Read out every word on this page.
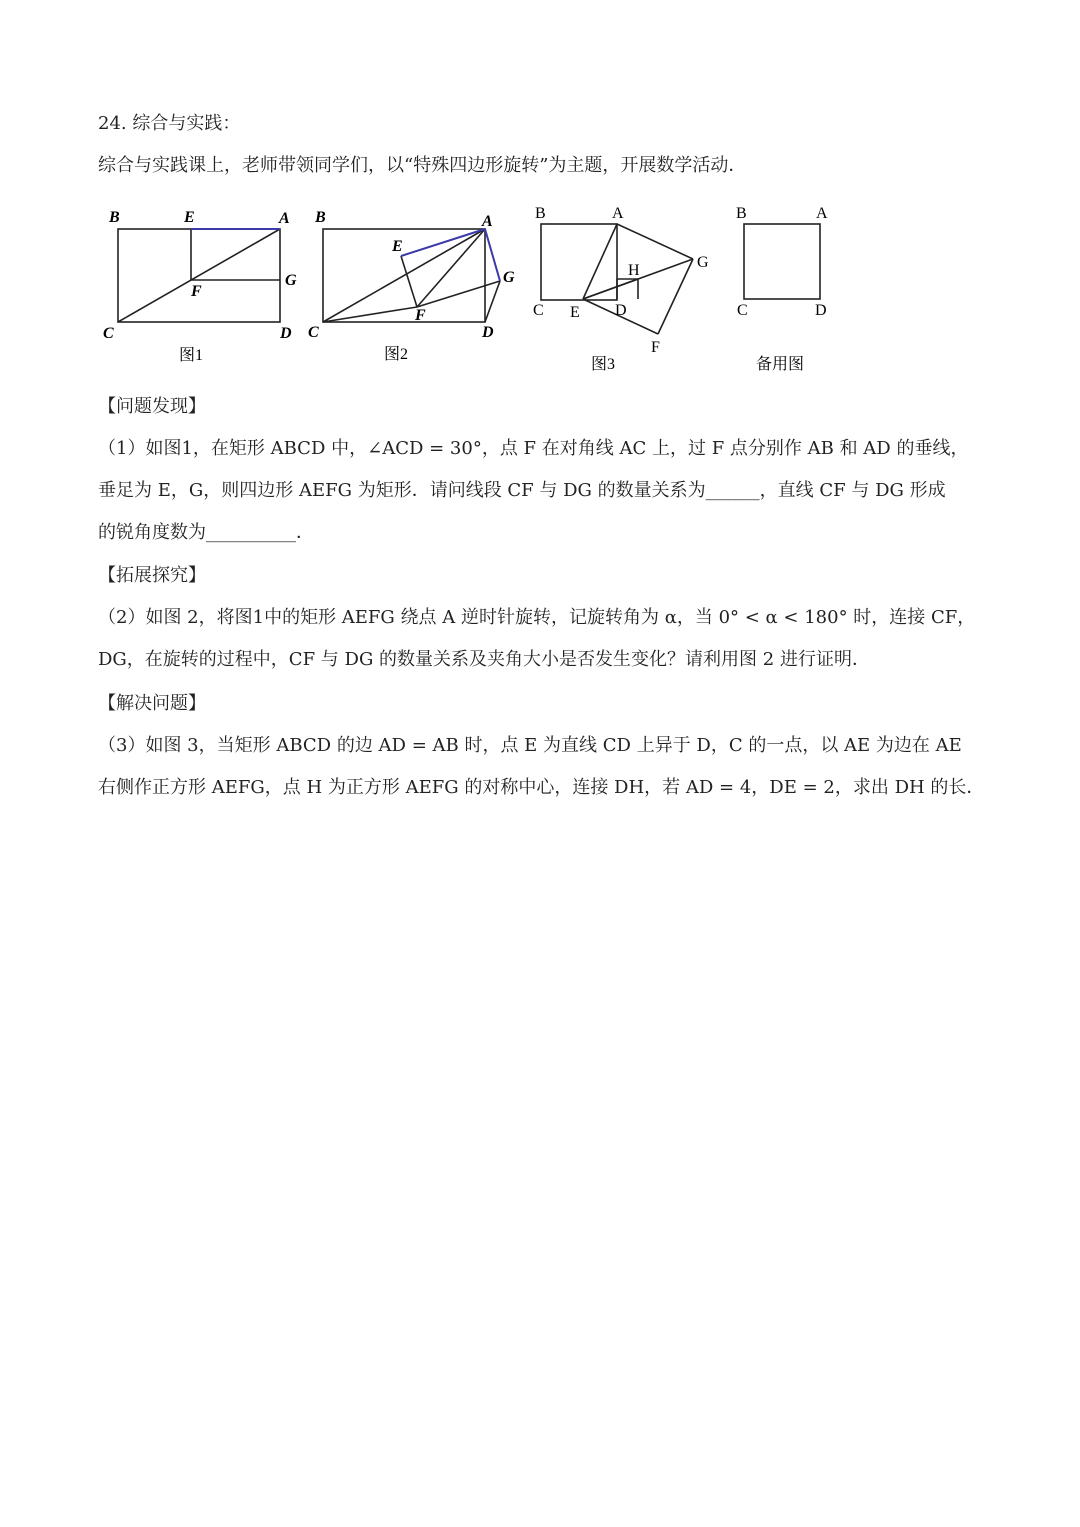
24. 综合与实践：
综合与实践课上，老师带领同学们，以“特殊四边形旋转”为主题，开展数学活动．
B	E	A
G
F
C	D
图1
B	A
E
G
F
C	D
图2
B	A
H	G
C E D
F
图3
B	A
C	D
备用图
【问题发现】
（1）如图1，在矩形 ABCD 中，∠ACD = 30°，点 F 在对角线 AC 上，过 F 点分别作 AB 和 AD 的垂线，
垂足为 E，G，则四边形 AEFG 为矩形．请问线段 CF 与 DG 的数量关系为______，直线 CF 与 DG 形成
的锐角度数为__________．
【拓展探究】
（2）如图 2，将图1中的矩形 AEFG 绕点 A 逆时针旋转，记旋转角为 α，当 0° < α < 180° 时，连接 CF，
DG，在旋转的过程中，CF 与 DG 的数量关系及夹角大小是否发生变化？请利用图 2 进行证明．
【解决问题】
（3）如图 3，当矩形 ABCD 的边 AD = AB 时，点 E 为直线 CD 上异于 D，C 的一点，以 AE 为边在 AE
右侧作正方形 AEFG，点 H 为正方形 AEFG 的对称中心，连接 DH，若 AD = 4，DE = 2，求出 DH 的长．
